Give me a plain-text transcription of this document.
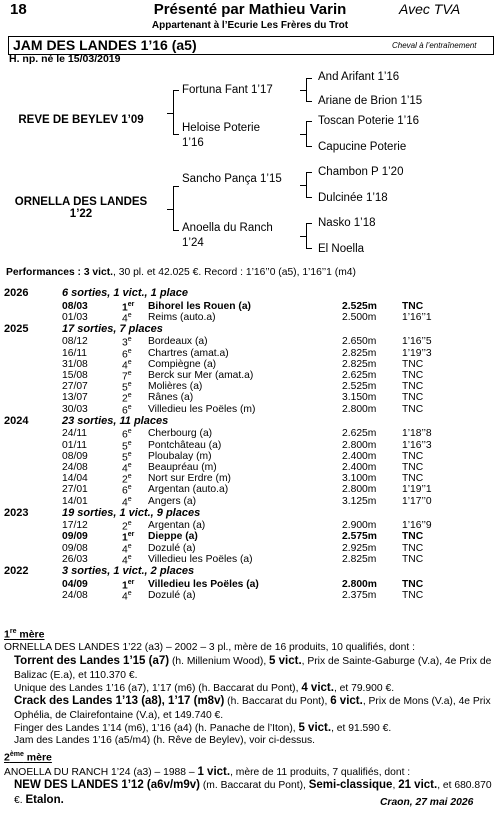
18	Présenté par Mathieu Varin	Avec TVA
Appartenant à l’Ecurie Les Frères du Trot
JAM DES LANDES 1’16 (a5)	Cheval à l’entraînement
H. np. né le 15/03/2019
REVE DE BEYLEV 1’09
ORNELLA DES LANDES 1’22
Fortuna Fant 1’17
Heloise Poterie 1’16
Sancho Pança 1’15
Anoella du Ranch 1’24
And Arifant 1’16
Ariane de Brion 1’15
Toscan Poterie 1’16
Capucine Poterie
Chambon P 1’20
Dulcinée 1’18
Nasko 1’18
El Noella
Performances : 3 vict., 30 pl. et 42.025 €. Record : 1’16’’0 (a5), 1’16’’1 (m4)
2026	6 sorties, 1 vict., 1 place
08/03	1er Bihorel les Rouen (a)	2.525m TNC
01/03	4e Reims (auto.a)	2.500m 1’16’’1
2025	17 sorties, 7 places
08/12	3e Bordeaux (a)	2.650m 1’16’’5
16/11	6e Chartres (amat.a)	2.825m 1’19’’3
31/08	4e Compiègne (a)	2.825m TNC
15/08	7e Berck sur Mer (amat.a)	2.625m TNC
27/07	5e Molières (a)	2.525m TNC
13/07	2e Rânes (a)	3.150m TNC
30/03	6e Villedieu les Poëles (m)	2.800m TNC
2024	23 sorties, 11 places
24/11	6e Cherbourg (a)	2.625m 1’18’’8
01/11	5e Pontchâteau (a)	2.800m 1’16’’3
08/09	5e Ploubalay (m)	2.400m TNC
24/08	4e Beaupréau (m)	2.400m TNC
14/04	2e Nort sur Erdre (m)	3.100m TNC
27/01	6e Argentan (auto.a)	2.800m 1’19’’1
14/01	4e Angers (a)	3.125m 1’17’’0
2023	19 sorties, 1 vict., 9 places
17/12	2e Argentan (a)	2.900m 1’16’’9
09/09	1er Dieppe (a)	2.575m TNC
09/08	4e Dozulé (a)	2.925m TNC
26/03	4e Villedieu les Poëles (a)	2.825m TNC
2022	3 sorties, 1 vict., 2 places
04/09	1er Villedieu les Poëles (a)	2.800m TNC
24/08	4e Dozulé (a)	2.375m TNC
1re mère
ORNELLA DES LANDES 1’22 (a3) – 2002 – 3 pl., mère de 16 produits, 10 qualifiés, dont :
Torrent des Landes 1’15 (a7) (h. Millenium Wood), 5 vict., Prix de Sainte-Gaburge (V.a), 4e Prix de Balizac (E.a), et 110.370 €.
Unique des Landes 1’16 (a7), 1’17 (m6) (h. Baccarat du Pont), 4 vict., et 79.900 €.
Crack des Landes 1’13 (a8), 1’17 (m8v) (h. Baccarat du Pont), 6 vict., Prix de Mons (V.a), 4e Prix Ophélia, de Clairefontaine (V.a), et 149.740 €.
Finger des Landes 1’14 (m6), 1’16 (a4) (h. Panache de l’Iton), 5 vict., et 91.590 €.
Jam des Landes 1’16 (a5/m4) (h. Rêve de Beylev), voir ci-dessus.
2ème mère
ANOELLA DU RANCH 1’24 (a3) – 1988 – 1 vict., mère de 11 produits, 7 qualifiés, dont :
NEW DES LANDES 1’12 (a6v/m9v) (m. Baccarat du Pont), Semi-classique, 21 vict., et 680.870 €. Etalon.	Craon, 27 mai 2026
